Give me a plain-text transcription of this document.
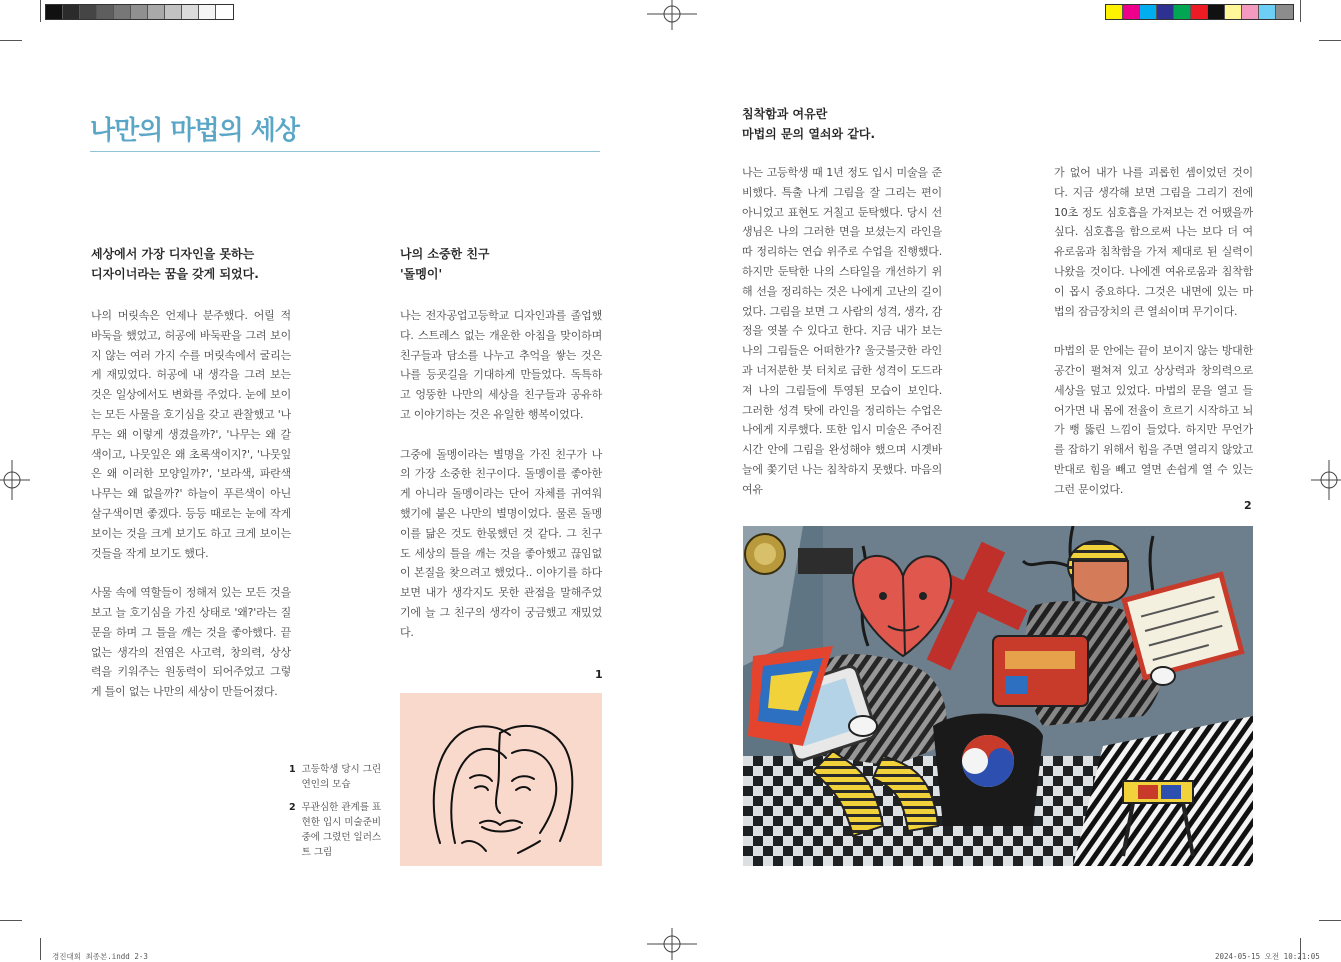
나만의 마법의 세상
세상에서 가장 디자인을 못하는
디자이너라는 꿈을 갖게 되었다.

나의 머릿속은 언제나 분주했다. 어릴 적 바둑을 했었고, 허공에 바둑판을 그려 보이지 않는 여러 가지 수를 머릿속에서 굴리는 게 재밌었다. 허공에 내 생각을 그려 보는 것은 일상에서도 변화를 주었다. 눈에 보이는 모든 사물을 호기심을 갖고 관찰했고 '나무는 왜 이렇게 생겼을까?', '나무는 왜 갈색이고, 나뭇잎은 왜 초록색이지?', '나뭇잎은 왜 이러한 모양일까?', '보라색, 파란색 나무는 왜 없을까?' 하늘이 푸른색이 아닌 살구색이면 좋겠다. 등등 때로는 눈에 작게 보이는 것을 크게 보기도 하고 크게 보이는 것들을 작게 보기도 했다.

사물 속에 역할들이 정해져 있는 모든 것을 보고 늘 호기심을 가진 상태로 '왜?'라는 질문을 하며 그 틀을 깨는 것을 좋아했다. 끝없는 생각의 전염은 사고력, 창의력, 상상력을 키워주는 원동력이 되어주었고 그렇게 틀이 없는 나만의 세상이 만들어졌다.

나의 소중한 친구
'돌멩이'

나는 전자공업고등학교 디자인과를 졸업했다. 스트레스 없는 개운한 아침을 맞이하며 친구들과 담소를 나누고 추억을 쌓는 것은 나를 등굣길을 기대하게 만들었다. 독특하고 엉뚱한 나만의 세상을 친구들과 공유하고 이야기하는 것은 유일한 행복이었다.

그중에 돌멩이라는 별명을 가진 친구가 나의 가장 소중한 친구이다. 돌멩이를 좋아한 게 아니라 돌멩이라는 단어 자체를 귀여워했기에 붙은 나만의 별명이었다. 물론 돌멩이를 닮은 것도 한몫했던 것 같다. 그 친구도 세상의 틀을 깨는 것을 좋아했고 끊임없이 본질을 찾으려고 했었다.. 이야기를 하다 보면 내가 생각지도 못한 관점을 말해주었기에 늘 그 친구의 생각이 궁금했고 재밌었다.

1
1 고등학생 당시 그린
연인의 모습
2 무관심한 관계를 표
현한 입시 미술준비
중에 그렸던 일러스
트 그림
침착함과 여유란
마법의 문의 열쇠와 같다.

나는 고등학생 때 1년 정도 입시 미술을 준비했다. 특출 나게 그림을 잘 그리는 편이 아니었고 표현도 거칠고 둔탁했다. 당시 선생님은 나의 그러한 면을 보셨는지 라인을 따 정리하는 연습 위주로 수업을 진행했다. 하지만 둔탁한 나의 스타일을 개선하기 위해 선을 정리하는 것은 나에게 고난의 길이었다. 그림을 보면 그 사람의 성격, 생각, 감정을 엿볼 수 있다고 한다. 지금 내가 보는 나의 그림들은 어떠한가? 울긋불긋한 라인과 너저분한 붓 터치로 급한 성격이 도드라져 나의 그림들에 투영된 모습이 보인다. 그러한 성격 탓에 라인을 정리하는 수업은 나에게 지루했다. 또한 입시 미술은 주어진 시간 안에 그림을 완성해야 했으며 시곗바늘에 쫓기던 나는 침착하지 못했다. 마음의 여유

가 없어 내가 나를 괴롭힌 셈이었던 것이다. 지금 생각해 보면 그림을 그리기 전에 10초 정도 심호흡을 가져보는 건 어땠을까 싶다. 심호흡을 함으로써 나는 보다 더 여유로움과 침착함을 가져 제대로 된 실력이 나왔을 것이다. 나에겐 여유로움과 침착함이 몹시 중요하다. 그것은 내면에 있는 마법의 잠금장치의 큰 열쇠이며 무기이다.

마법의 문 안에는 끝이 보이지 않는 방대한 공간이 펼쳐져 있고 상상력과 창의력으로 세상을 덮고 있었다. 마법의 문을 열고 들어가면 내 몸에 전율이 흐르기 시작하고 뇌가 뻥 뚫린 느낌이 들었다. 하지만 무언가를 잡하기 위해서 힘을 주면 열리지 않았고 반대로 힘을 빼고 열면 손쉽게 열 수 있는 그런 문이었다.

2
경진대회 최종본.indd 2-3	2024-05-15 오전 10:21:05
